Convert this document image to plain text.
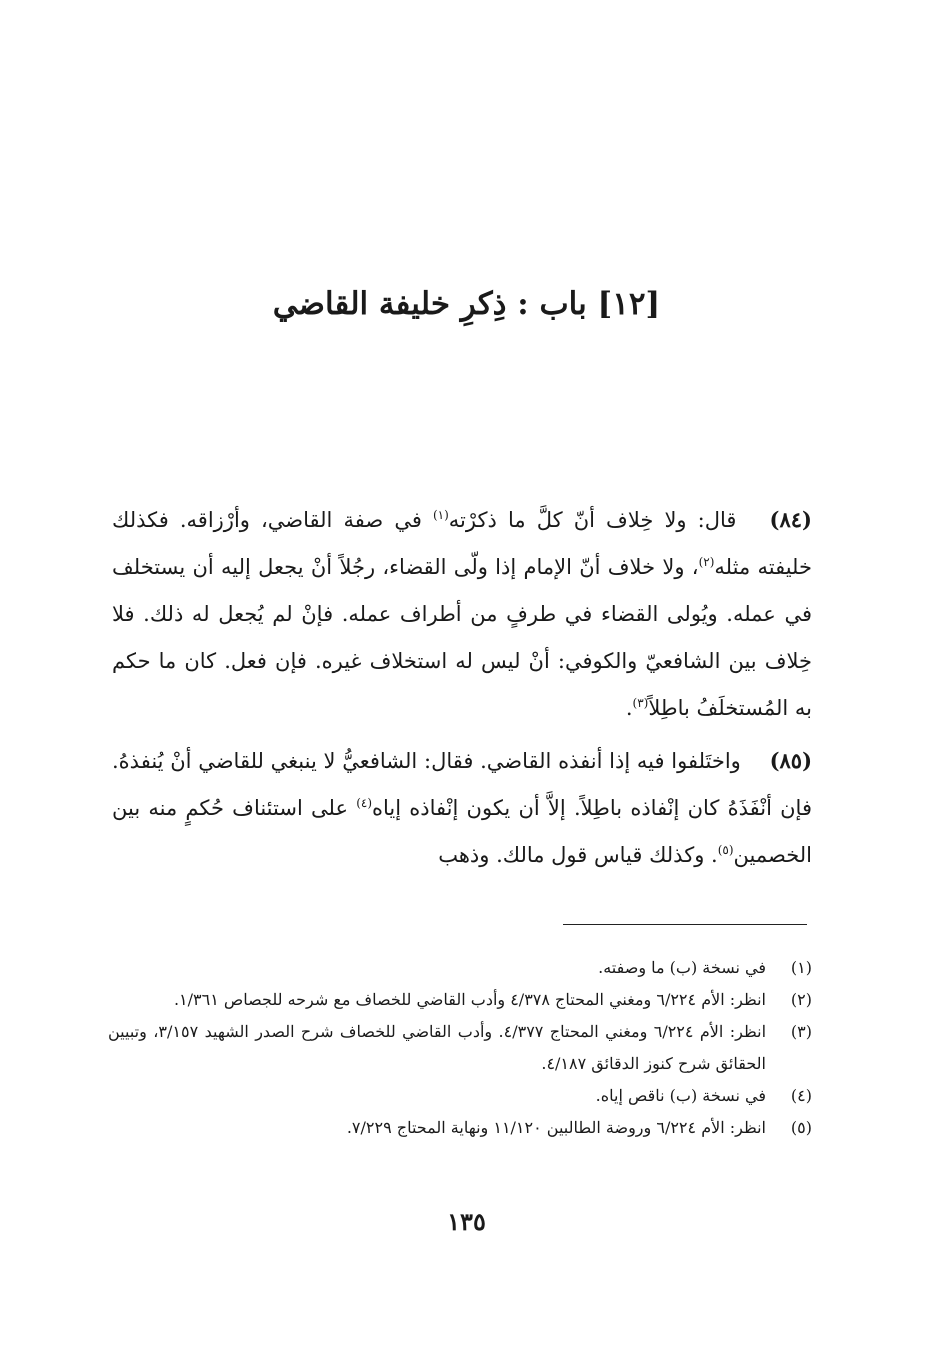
[١٢] باب : ذِكرِ خليفة القاضي

(٨٤) قال: ولا خِلاف أنّ كلَّ ما ذكرْته$^{(١)}$ في صفة القاضي، وأرْزاقه. فكذلك خليفته مثله$^{(٢)}$، ولا خلاف أنّ الإمام إذا ولّى القضاء، رجُلاً أنْ يجعل إليه أن يستخلف في عمله. ويُولى القضاء في طرفٍ من أطراف عمله. فإنْ لم يُجعل له ذلك. فلا خِلاف بين الشافعيّ والكوفي: أنْ ليس له استخلاف غيره. فإن فعل. كان ما حكم به المُستخلَفُ باطِلاً$^{(٣)}$.

(٨٥) واختَلفوا فيه إذا أنفذه القاضي. فقال: الشافعيُّ لا ينبغي للقاضي أنْ يُنفذهُ. فإن أنْفَذَهُ كان إنْفاذه باطِلاً. إلاَّ أن يكون إنْفاذه إياه$^{(٤)}$ على استئناف حُكمٍ منه بين الخصمين$^{(٥)}$. وكذلك قياس قول مالك. وذهب

(١)
في نسخة (ب) ما وصفته.
(٢)
انظر: الأم ٦/٢٢٤ ومغني المحتاج ٤/٣٧٨ وأدب القاضي للخصاف مع شرحه للجصاص ١/٣٦١.
(٣)
انظر: الأم ٦/٢٢٤ ومغني المحتاج ٤/٣٧٧. وأدب القاضي للخصاف شرح الصدر الشهيد ٣/١٥٧، وتبيين الحقائق شرح كنوز الدقائق ٤/١٨٧.
(٤)
في نسخة (ب) ناقص إياه.
(٥)
انظر: الأم ٦/٢٢٤ وروضة الطالبين ١١/١٢٠ ونهاية المحتاج ٧/٢٢٩.
١٣٥
